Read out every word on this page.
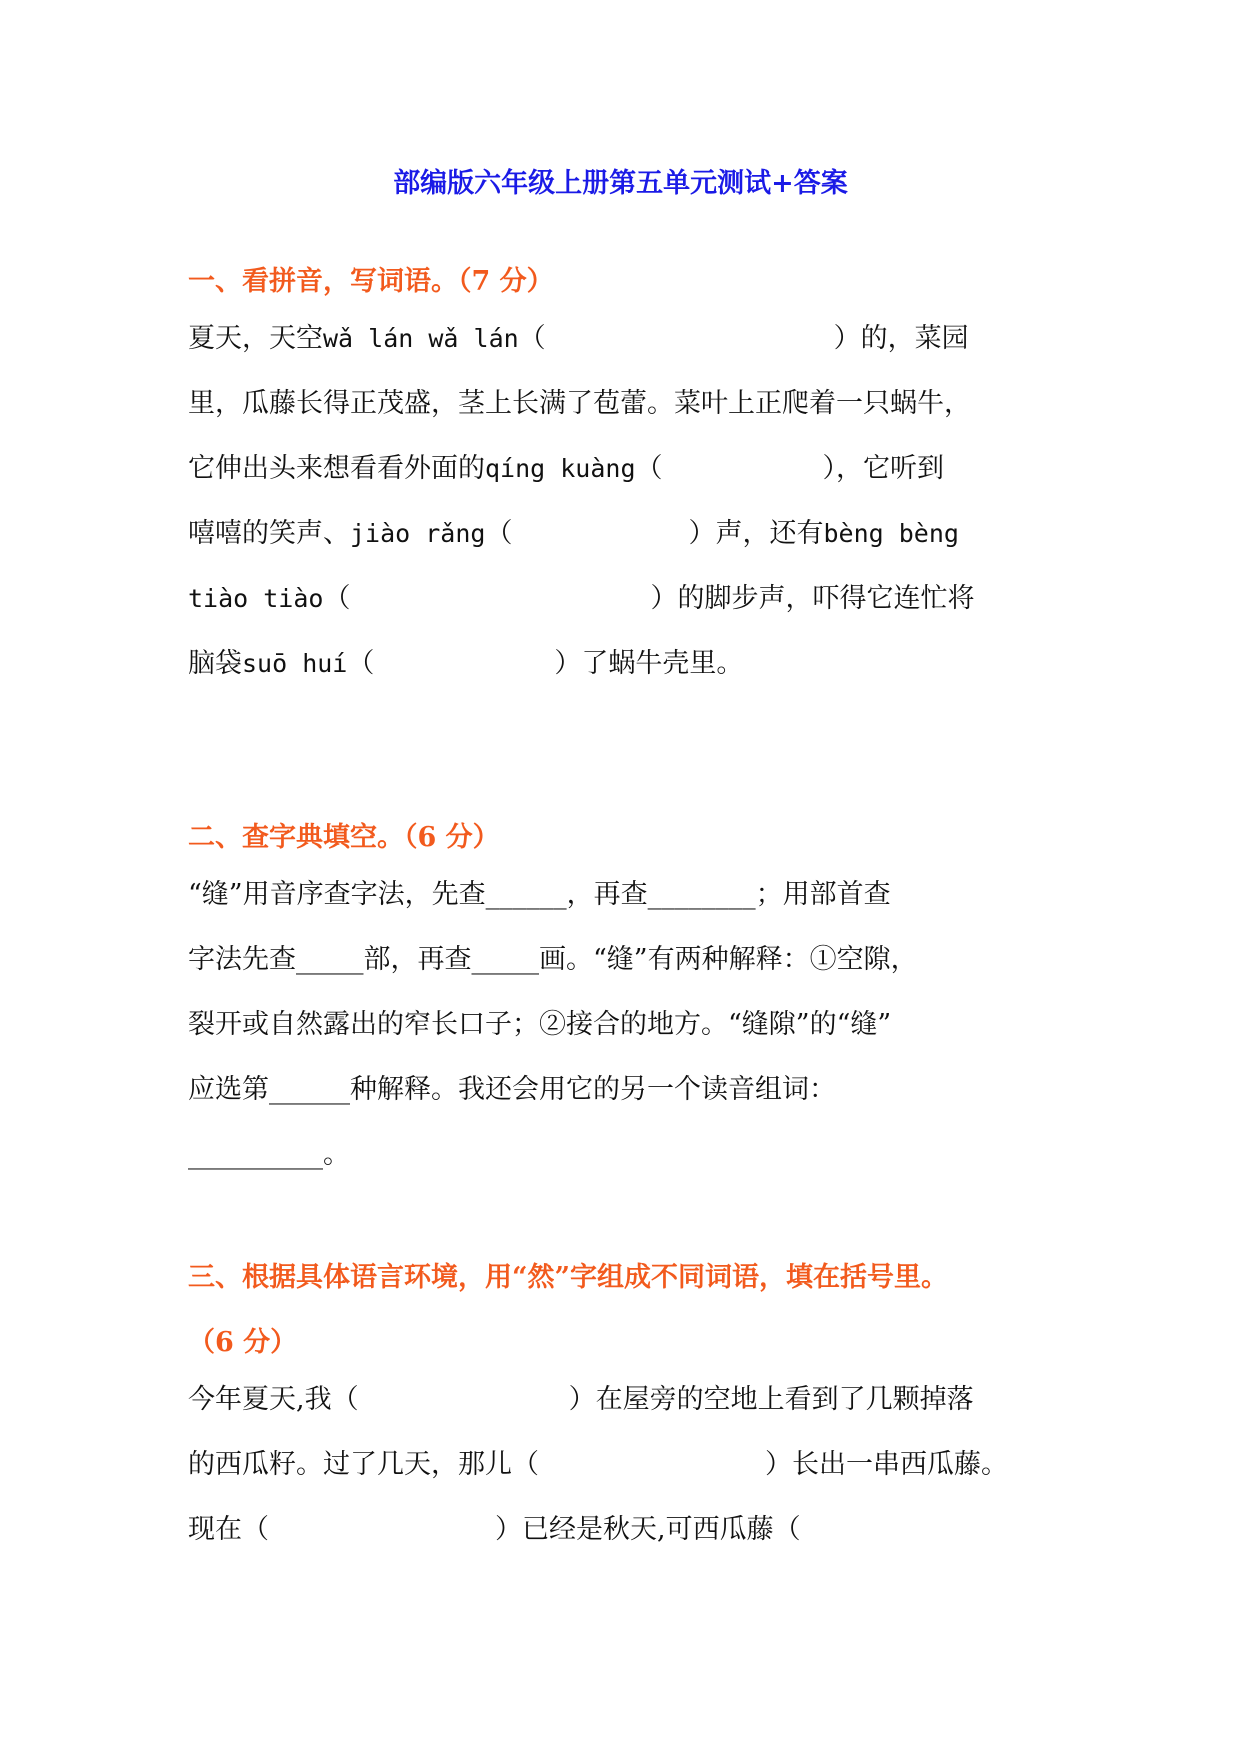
部编版六年级上册第五单元测试+答案
一、看拼音，写词语。（7 分）
夏天，天空wǎ lán wǎ lán（	）的，菜园
里，瓜藤长得正茂盛，茎上长满了苞蕾。菜叶上正爬着一只蜗牛，
它伸出头来想看看外面的qíng kuàng（	），它听到
嘻嘻的笑声、jiào rǎng（	）声，还有bèng bèng
tiào tiào（	）的脚步声，吓得它连忙将
脑袋suō huí（	）了蜗牛壳里。
二、查字典填空。（6 分）
“缝”用音序查字法，先查______，再查________；用部首查
字法先查_____部，再查_____画。“缝”有两种解释：①空隙，
裂开或自然露出的窄长口子；②接合的地方。“缝隙”的“缝”
应选第______种解释。我还会用它的另一个读音组词：
__________。
三、根据具体语言环境，用“然”字组成不同词语，填在括号里。
（6 分）
今年夏天,我（	）在屋旁的空地上看到了几颗掉落
的西瓜籽。过了几天，那儿（	）长出一串西瓜藤。
现在（	）已经是秋天,可西瓜藤（
